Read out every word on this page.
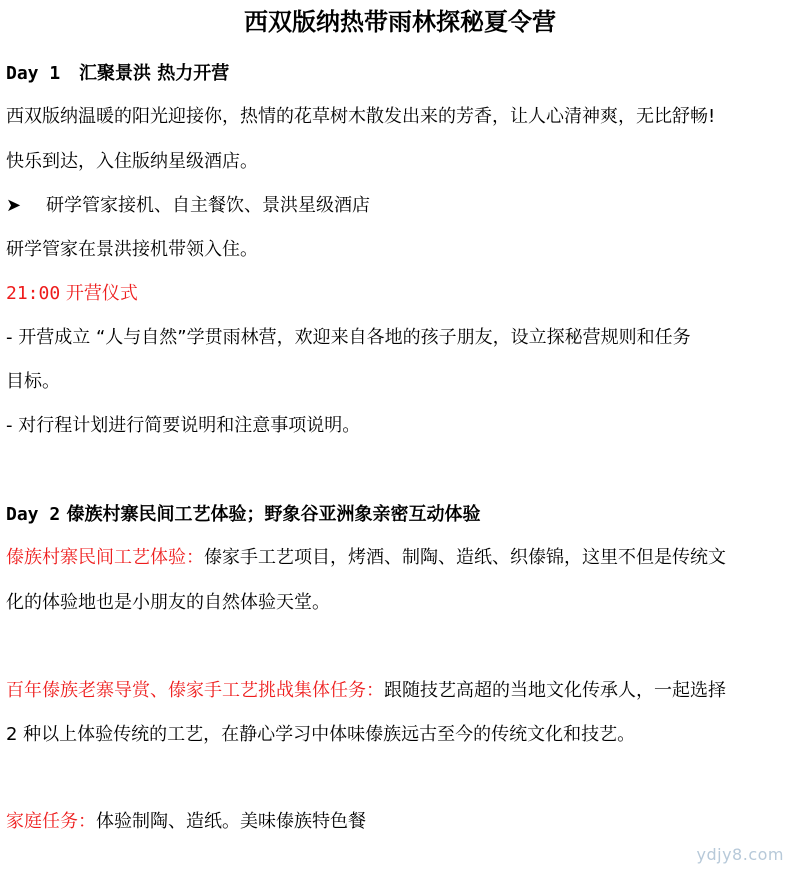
西双版纳热带雨林探秘夏令营
Day 1 汇聚景洪 热力开营
西双版纳温暖的阳光迎接你，热情的花草树木散发出来的芳香，让人心清神爽，无比舒畅!
快乐到达，入住版纳星级酒店。
➤ 研学管家接机、自主餐饮、景洪星级酒店
研学管家在景洪接机带领入住。
21:00 开营仪式
- 开营成立 “人与自然”学贯雨林营，欢迎来自各地的孩子朋友，设立探秘营规则和任务
目标。
- 对行程计划进行简要说明和注意事项说明。
Day 2 傣族村寨民间工艺体验；野象谷亚洲象亲密互动体验
傣族村寨民间工艺体验：傣家手工艺项目，烤酒、制陶、造纸、织傣锦，这里不但是传统文
化的体验地也是小朋友的自然体验天堂。
百年傣族老寨导赏、傣家手工艺挑战集体任务：跟随技艺高超的当地文化传承人，一起选择
2 种以上体验传统的工艺，在静心学习中体味傣族远古至今的传统文化和技艺。
家庭任务：体验制陶、造纸。美味傣族特色餐
ydjy8.com
